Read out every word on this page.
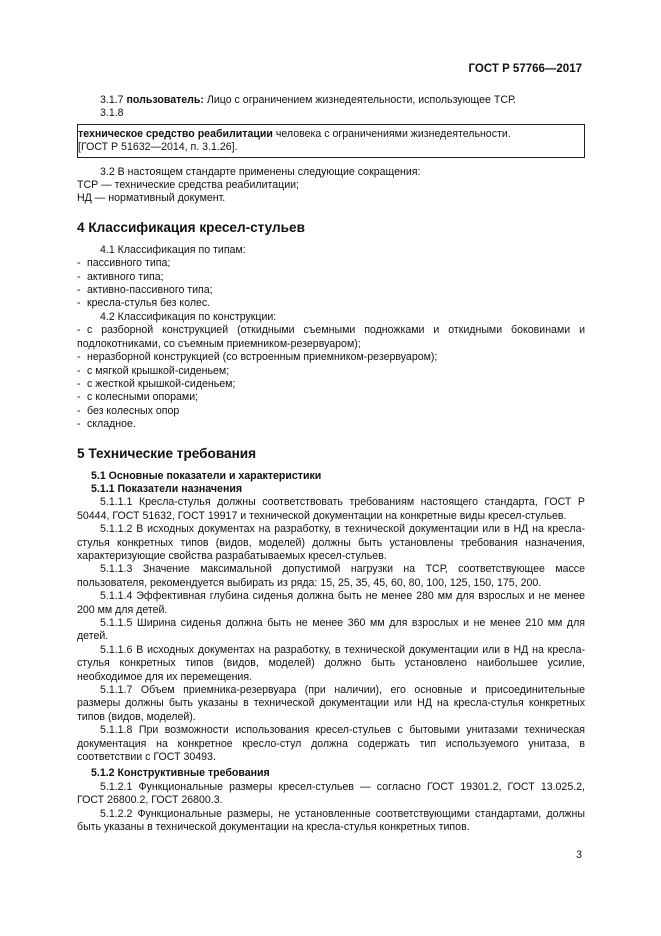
ГОСТ Р 57766—2017

3.1.7 пользователь: Лицо с ограничением жизнедеятельности, использующее ТСР.

3.1.8

техническое средство реабилитации человека с ограничениями жизнедеятельности.

[ГОСТ Р 51632—2014, п. 3.1.26].

3.2 В настоящем стандарте применены следующие сокращения:

ТСР — технические средства реабилитации;

НД — нормативный документ.

4 Классификация кресел-стульев

4.1 Классификация по типам:

- пассивного типа;
- активного типа;
- активно-пассивного типа;
- кресла-стулья без колес.

4.2 Классификация по конструкции:

- с разборной конструкцией (откидными съемными подножками и откидными боковинами и подлокотниками, со съемным приемником-резервуаром);
- неразборной конструкцией (со встроенным приемником-резервуаром);
- с мягкой крышкой-сиденьем;
- с жесткой крышкой-сиденьем;
- с колесными опорами;
- без колесных опор
- складное.
5 Технические требования
5.1 Основные показатели и характеристики
5.1.1 Показатели назначения

5.1.1.1 Кресла-стулья должны соответствовать требованиям настоящего стандарта, ГОСТ Р 50444, ГОСТ 51632, ГОСТ 19917 и технической документации на конкретные виды кресел-стульев.

5.1.1.2 В исходных документах на разработку, в технической документации или в НД на кресла-стулья конкретных типов (видов, моделей) должны быть установлены требования назначения, характеризующие свойства разрабатываемых кресел-стульев.

5.1.1.3 Значение максимальной допустимой нагрузки на ТСР, соответствующее массе пользователя, рекомендуется выбирать из ряда: 15, 25, 35, 45, 60, 80, 100, 125, 150, 175, 200.

5.1.1.4 Эффективная глубина сиденья должна быть не менее 280 мм для взрослых и не менее 200 мм для детей.

5.1.1.5 Ширина сиденья должна быть не менее 360 мм для взрослых и не менее 210 мм для детей.

5.1.1.6 В исходных документах на разработку, в технической документации или в НД на кресла-стулья конкретных типов (видов, моделей) должно быть установлено наибольшее усилие, необходимое для их перемещения.

5.1.1.7 Объем приемника-резервуара (при наличии), его основные и присоединительные размеры должны быть указаны в технической документации или НД на кресла-стулья конкретных типов (видов, моделей).

5.1.1.8 При возможности использования кресел-стульев с бытовыми унитазами техническая документация на конкретное кресло-стул должна содержать тип используемого унитаза, в соответствии с ГОСТ 30493.

5.1.2 Конструктивные требования

5.1.2.1 Функциональные размеры кресел-стульев — согласно ГОСТ 19301.2, ГОСТ 13.025.2, ГОСТ 26800.2, ГОСТ 26800.3.

5.1.2.2 Функциональные размеры, не установленные соответствующими стандартами, должны быть указаны в технической документации на кресла-стулья конкретных типов.

3
